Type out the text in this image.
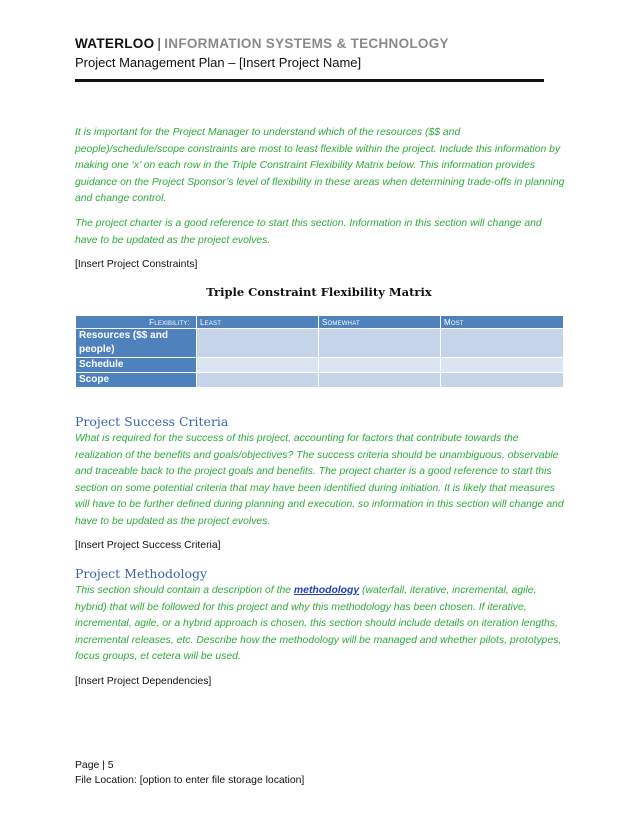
WATERLOO | INFORMATION SYSTEMS & TECHNOLOGY
Project Management Plan – [Insert Project Name]

It is important for the Project Manager to understand which of the resources ($$ and people)/schedule/scope constraints are most to least flexible within the project. Include this information by making one ‘x’ on each row in the Triple Constraint Flexibility Matrix below. This information provides guidance on the Project Sponsor’s level of flexibility in these areas when determining trade-offs in planning and change control.

The project charter is a good reference to start this section. Information in this section will change and have to be updated as the project evolves.

[Insert Project Constraints]
Triple Constraint Flexibility Matrix
Flexibility:	Least	Somewhat	Most
Resources ($$ and people)			
Schedule			
Scope			
Project Success Criteria

What is required for the success of this project, accounting for factors that contribute towards the realization of the benefits and goals/objectives? The success criteria should be unambiguous, observable and traceable back to the project goals and benefits. The project charter is a good reference to start this section on some potential criteria that may have been identified during initiation. It is likely that measures will have to be further defined during planning and execution, so information in this section will change and have to be updated as the project evolves.

[Insert Project Success Criteria]
Project Methodology

This section should contain a description of the methodology (waterfall, iterative, incremental, agile, hybrid) that will be followed for this project and why this methodology has been chosen. If iterative, incremental, agile, or a hybrid approach is chosen, this section should include details on iteration lengths, incremental releases, etc. Describe how the methodology will be managed and whether pilots, prototypes, focus groups, et cetera will be used.

[Insert Project Dependencies]
Page | 5
File Location: [option to enter file storage location]
